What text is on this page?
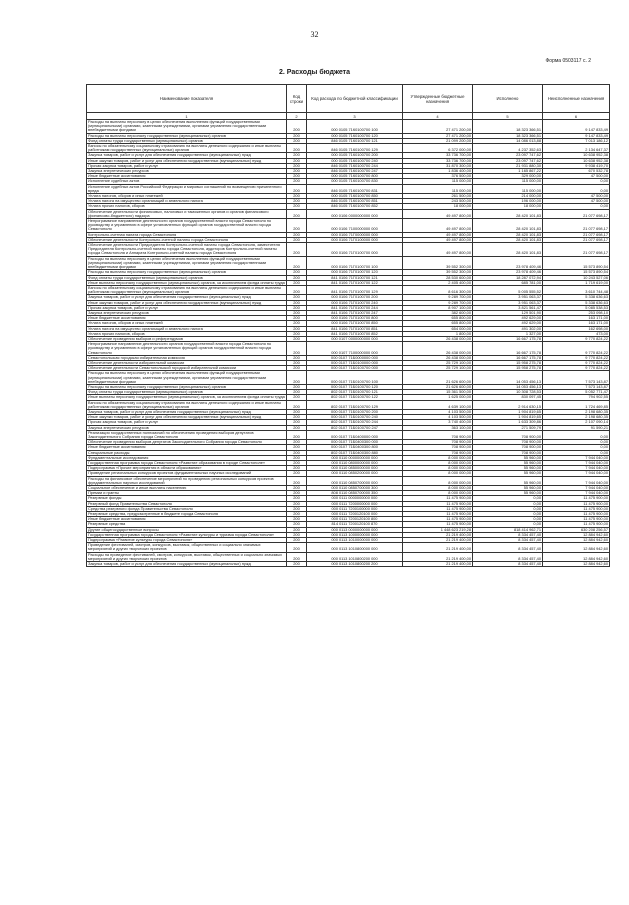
32
Форма 0503117 с. 2
2. Расходы бюджета
Наименование показателя	Код строки	Код расхода по бюджетной классификации	Утвержденные бюджетные назначения	Исполнено	Неисполненные назначения
1	2	3	4	5	6
Расходы на выплаты персоналу в целях обеспечения выполнения функций государственными (муниципальными) органами, казенными учреждениями, органами управления государственными внебюджетными фондами	200	000 0105 71К0100700 100	27 471 200,00	18 323 366,51	9 147 833,49
Расходы на выплаты персоналу государственных (муниципальных) органов	200	000 0105 71К0100700 120	27 471 200,00	18 323 366,51	9 147 833,49
Фонд оплаты труда государственных (муниципальных) органов	200	846 0105 71К0100700 121	21 099 200,00	14 086 013,88	7 013 186,12
Взносы по обязательному социальному страхованию на выплаты денежного содержания и иные выплаты работникам государственных (муниципальных) органов	200	846 0105 71К0100700 129	6 372 000,00	4 237 352,63	2 134 647,37
Закупка товаров, работ и услуг для обеспечения государственных (муниципальных) нужд	200	000 0105 71К0100700 200	33 736 700,00	23 097 747,62	10 638 952,38
Иные закупки товаров, работ и услуг для обеспечения государственных (муниципальных) нужд	200	000 0105 71К0100700 240	33 736 700,00	23 097 747,62	10 638 952,38
Прочая закупка товаров, работ и услуг	200	846 0105 71К0100700 244	31 870 300,00	21 931 880,30	9 938 419,70
Закупка энергетических ресурсов	200	846 0105 71К0100700 247	1 836 400,00	1 165 867,22	670 532,78
Иные бюджетные ассигнования	200	000 0105 71К0100700 800	376 500,00	329 000,00	47 500,00
Исполнение судебных актов	200	000 0105 71К0100700 830	115 000,00	115 000,00	0,00
Исполнение судебных актов Российской Федерации и мировых соглашений по возмещению причиненного вреда	200	846 0105 71К0100700 831	115 000,00	115 000,00	0,00
Уплата налогов, сборов и иных платежей	200	000 0105 71К0100700 850	261 500,00	214 000,00	47 500,00
Уплата налога на имущество организаций и земельного налога	200	846 0105 71К0100700 851	243 500,00	196 000,00	47 500,00
Уплата прочих налогов, сборов	200	846 0105 71К0100700 852	18 000,00	18 000,00	0,00
Обеспечение деятельности финансовых, налоговых и таможенных органов и органов финансового (финансово-бюджетного) надзора	200	000 0106 0000000000 000	49 497 800,00	28 420 101,83	21 077 698,17
Непрограммное направление деятельности органов государственной власти города Севастополя по руководству и управлению в сфере установленных функций органов государственной власти города Севастополя	200	000 0106 7100000000 000	49 497 800,00	28 420 101,83	21 077 698,17
Контрольно-счетная палата города Севастополя	200	000 0106 71Г0000000 000	49 497 800,00	28 420 101,83	21 077 698,17
Обеспечение деятельности Контрольно-счетной палаты города Севастополя	200	000 0106 71Г0100000 000	49 497 800,00	28 420 101,83	21 077 698,17
Обеспечение деятельности Председателя Контрольно-счетной палаты города Севастополя, заместителя Председателя Контрольно-счетной палаты города Севастополя, аудиторов Контрольно-счетной палаты города Севастополя и Аппарата Контрольно-счетной палаты города Севастополя	200	000 0106 71Г0100700 000	49 497 800,00	28 420 101,83	21 077 698,17
Расходы на выплаты персоналу в целях обеспечения выполнения функций государственными (муниципальными) органами, казенными учреждениями, органами управления государственными внебюджетными фондами	200	000 0106 71Г0100700 100	39 552 300,00	23 978 409,46	15 573 890,54
Расходы на выплаты персоналу государственных (муниципальных) органов	200	000 0106 71Г0100700 120	39 552 300,00	23 978 409,46	15 573 890,54
Фонд оплаты труда государственных (муниципальных) органов	200	841 0106 71Г0100700 121	28 530 600,00	18 287 072,94	10 243 527,06
Иные выплаты персоналу государственных (муниципальных) органов, за исключением фонда оплаты труда	200	841 0106 71Г0100700 122	2 405 400,00	685 781,00	1 719 619,00
Взносы по обязательному социальному страхованию на выплаты денежного содержания и иные выплаты работникам государственных (муниципальных) органов	200	841 0106 71Г0100700 129	8 616 300,00	5 005 555,52	3 610 744,48
Закупка товаров, работ и услуг для обеспечения государственных (муниципальных) нужд	200	000 0106 71Г0100700 200	9 289 700,00	3 951 063,37	5 338 636,63
Иные закупки товаров, работ и услуг для обеспечения государственных (муниципальных) нужд	200	000 0106 71Г0100700 240	9 289 700,00	3 951 063,37	5 338 636,63
Прочая закупка товаров, работ и услуг	200	841 0106 71Г0100700 244	8 907 100,00	3 821 561,47	5 085 538,53
Закупка энергетических ресурсов	200	841 0106 71Г0100700 247	382 600,00	129 501,90	253 098,10
Иные бюджетные ассигнования	200	000 0106 71Г0100700 800	655 800,00	492 629,00	163 171,00
Уплата налогов, сборов и иных платежей	200	000 0106 71Г0100700 850	655 800,00	492 629,00	163 171,00
Уплата налога на имущество организаций и земельного налога	200	841 0106 71Г0100700 851	654 000,00	491 302,00	162 698,00
Уплата прочих налогов, сборов	200	841 0106 71Г0100700 852	1 800,00	1 327,00	473,00
Обеспечение проведения выборов и референдумов	200	000 0107 0000000000 000	26 438 000,00	16 667 175,78	9 770 824,22
Непрограммное направление деятельности органов государственной власти города Севастополя по руководству и управлению в сфере установленных функций органов государственной власти города Севастополя	200	000 0107 7100000000 000	26 438 000,00	16 667 175,78	9 770 824,22
Севастопольская городская избирательная комиссия	200	000 0107 71Б0000000 000	26 438 000,00	16 667 175,78	9 770 824,22
Обеспечение деятельности избирательной комиссии	200	000 0107 71Б0100000 000	25 729 100,00	15 958 275,78	9 770 824,22
Обеспечение деятельности Севастопольской городской избирательной комиссии	200	000 0107 71Б0100700 000	25 729 100,00	15 958 275,78	9 770 824,22
Расходы на выплаты персоналу в целях обеспечения выполнения функций государственными (муниципальными) органами, казенными учреждениями, органами управления государственными внебюджетными фондами	200	000 0107 71Б0100700 100	21 626 600,00	14 053 456,13	7 573 143,87
Расходы на выплаты персоналу государственных (муниципальных) органов	200	000 0107 71Б0100700 120	21 626 600,00	14 053 456,13	7 573 143,87
Фонд оплаты труда государственных (муниципальных) органов	200	802 0107 71Б0100700 121	15 361 500,00	10 308 728,53	5 052 771,47
Иные выплаты персоналу государственных (муниципальных) органов, за исключением фонда оплаты труда	200	802 0107 71Б0100700 122	1 625 000,00	830 097,45	794 902,55
Взносы по обязательному социальному страхованию на выплаты денежного содержания и иные выплаты работникам государственных (муниципальных) органов	200	802 0107 71Б0100700 129	4 639 100,00	2 914 630,15	1 724 469,85
Закупка товаров, работ и услуг для обеспечения государственных (муниципальных) нужд	200	000 0107 71Б0100700 200	4 103 500,00	1 904 819,65	2 198 680,35
Иные закупки товаров, работ и услуг для обеспечения государственных (муниципальных) нужд	200	000 0107 71Б0100700 240	4 103 500,00	1 904 819,65	2 198 680,35
Прочая закупка товаров, работ и услуг	200	802 0107 71Б0100700 244	3 740 400,00	1 633 309,86	2 107 090,14
Закупка энергетических ресурсов	200	802 0107 71Б0100700 247	363 100,00	271 509,79	91 590,21
Реализация государственных полномочий по обеспечению проведения выборов депутатов Законодательного Собрания города Севастополя	200	000 0107 71Б0400000 000	708 900,00	708 900,00	0,00
Обеспечение проведения выборов депутатов Законодательного Собрания города Севастополя	200	000 0107 71Б0400300 000	708 900,00	708 900,00	0,00
Иные бюджетные ассигнования	200	000 0107 71Б0400300 800	708 900,00	708 900,00	0,00
Специальные расходы	200	802 0107 71Б0400300 880	708 900,00	708 900,00	0,00
Фундаментальные исследования	200	000 0110 0000000000 000	8 000 000,00	55 960,00	7 944 040,00
Государственная программа города Севастополя «Развитие образования в городе Севастополе»	200	000 0110 0800000000 000	8 000 000,00	55 960,00	7 944 040,00
Подпрограмма «Прочие мероприятия в области образования»	200	000 0110 0850000000 000	8 000 000,00	55 960,00	7 944 040,00
Проведение региональных конкурсов проектов фундаментальных научных исследований	200	000 0110 0850200000 000	8 000 000,00	55 960,00	7 944 040,00
Расходы на финансовое обеспечение мероприятий по проведению региональных конкурсов проектов фундаментальных научных исследований	200	000 0110 0850700000 000	8 000 000,00	55 960,00	7 944 040,00
Социальное обеспечение и иные выплаты населению	200	000 0110 0850700000 300	8 000 000,00	55 960,00	7 944 040,00
Премии и гранты	200	808 0110 0850700000 350	8 000 000,00	55 960,00	7 944 040,00
Резервные фонды	200	000 0111 0000000000 000	11 475 900,00	0,00	11 475 900,00
Резервный фонд Правительства Севастополя	200	000 0111 7200000000 000	11 475 900,00	0,00	11 475 900,00
Средства резервного фонда Правительства Севастополя	200	000 0111 7200100000 000	11 475 900,00	0,00	11 475 900,00
Резервные средства, предусмотренные в бюджете города Севастополя	200	000 0111 7200120100 000	11 475 900,00	0,00	11 475 900,00
Иные бюджетные ассигнования	200	000 0111 7200120100 800	11 475 900,00	0,00	11 475 900,00
Резервные средства	200	814 0111 7200120100 870	11 475 900,00	0,00	11 475 900,00
Другие общегосударственные вопросы	200	000 0113 0000000000 000	1 448 623 219,28	818 414 962,71	630 208 256,57
Государственная программа города Севастополя «Развитие культуры и туризма города Севастополя»	200	000 0113 1000000000 000	21 219 400,00	8 334 457,40	12 884 942,60
Подпрограмма «Развитие культуры города Севастополя»	200	000 0113 1010000000 000	21 219 400,00	8 334 457,40	12 884 942,60
Проведение фестивалей, смотров, конкурсов, выставок, общественных и социально значимых мероприятий и других творческих проектов	200	000 0113 1010800000 000	21 219 400,00	8 334 457,40	12 884 942,60
Расходы на проведение фестивалей, смотров, конкурсов, выставок, общественных и социально значимых мероприятий и других творческих проектов	200	000 0113 1010800200 000	21 219 400,00	8 334 457,40	12 884 942,60
Закупка товаров, работ и услуг для обеспечения государственных (муниципальных) нужд	200	000 0113 1010800200 200	21 219 400,00	8 334 457,40	12 884 942,60
